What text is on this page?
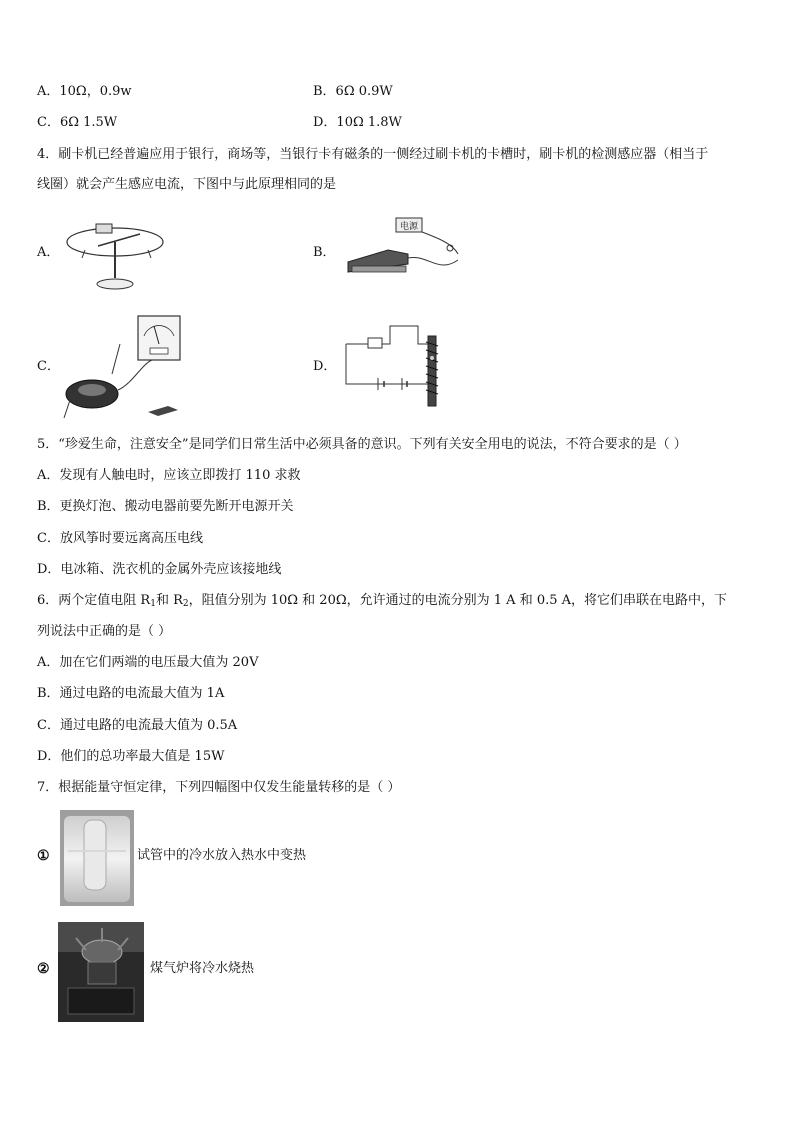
A．10Ω，0.9w	B．6Ω 0.9W
C．6Ω 1.5W	D．10Ω 1.8W
4．刷卡机已经普遍应用于银行，商场等，当银行卡有磁条的一侧经过刷卡机的卡槽时，刷卡机的检测感应器（相当于
线圈）就会产生感应电流，下图中与此原理相同的是
A．	B．
电源
C．	D．
5．“珍爱生命，注意安全”是同学们日常生活中必须具备的意识。下列有关安全用电的说法，不符合要求的是（ ）
A．发现有人触电时，应该立即拨打 110 求救
B．更换灯泡、搬动电器前要先断开电源开关
C．放风筝时要远离高压电线
D．电冰箱、洗衣机的金属外壳应该接地线
6．两个定值电阻 $R_1$和 $R_2$，阻值分别为 10Ω 和 20Ω，允许通过的电流分别为 1 A 和 0.5 A，将它们串联在电路中，下
列说法中正确的是（ ）
A．加在它们两端的电压最大值为 20V
B．通过电路的电流最大值为 1A
C．通过电路的电流最大值为 0.5A
D．他们的总功率最大值是 15W
7．根据能量守恒定律，下列四幅图中仅发生能量转移的是（ ）
①	试管中的冷水放入热水中变热
②	煤气炉将冷水烧热
